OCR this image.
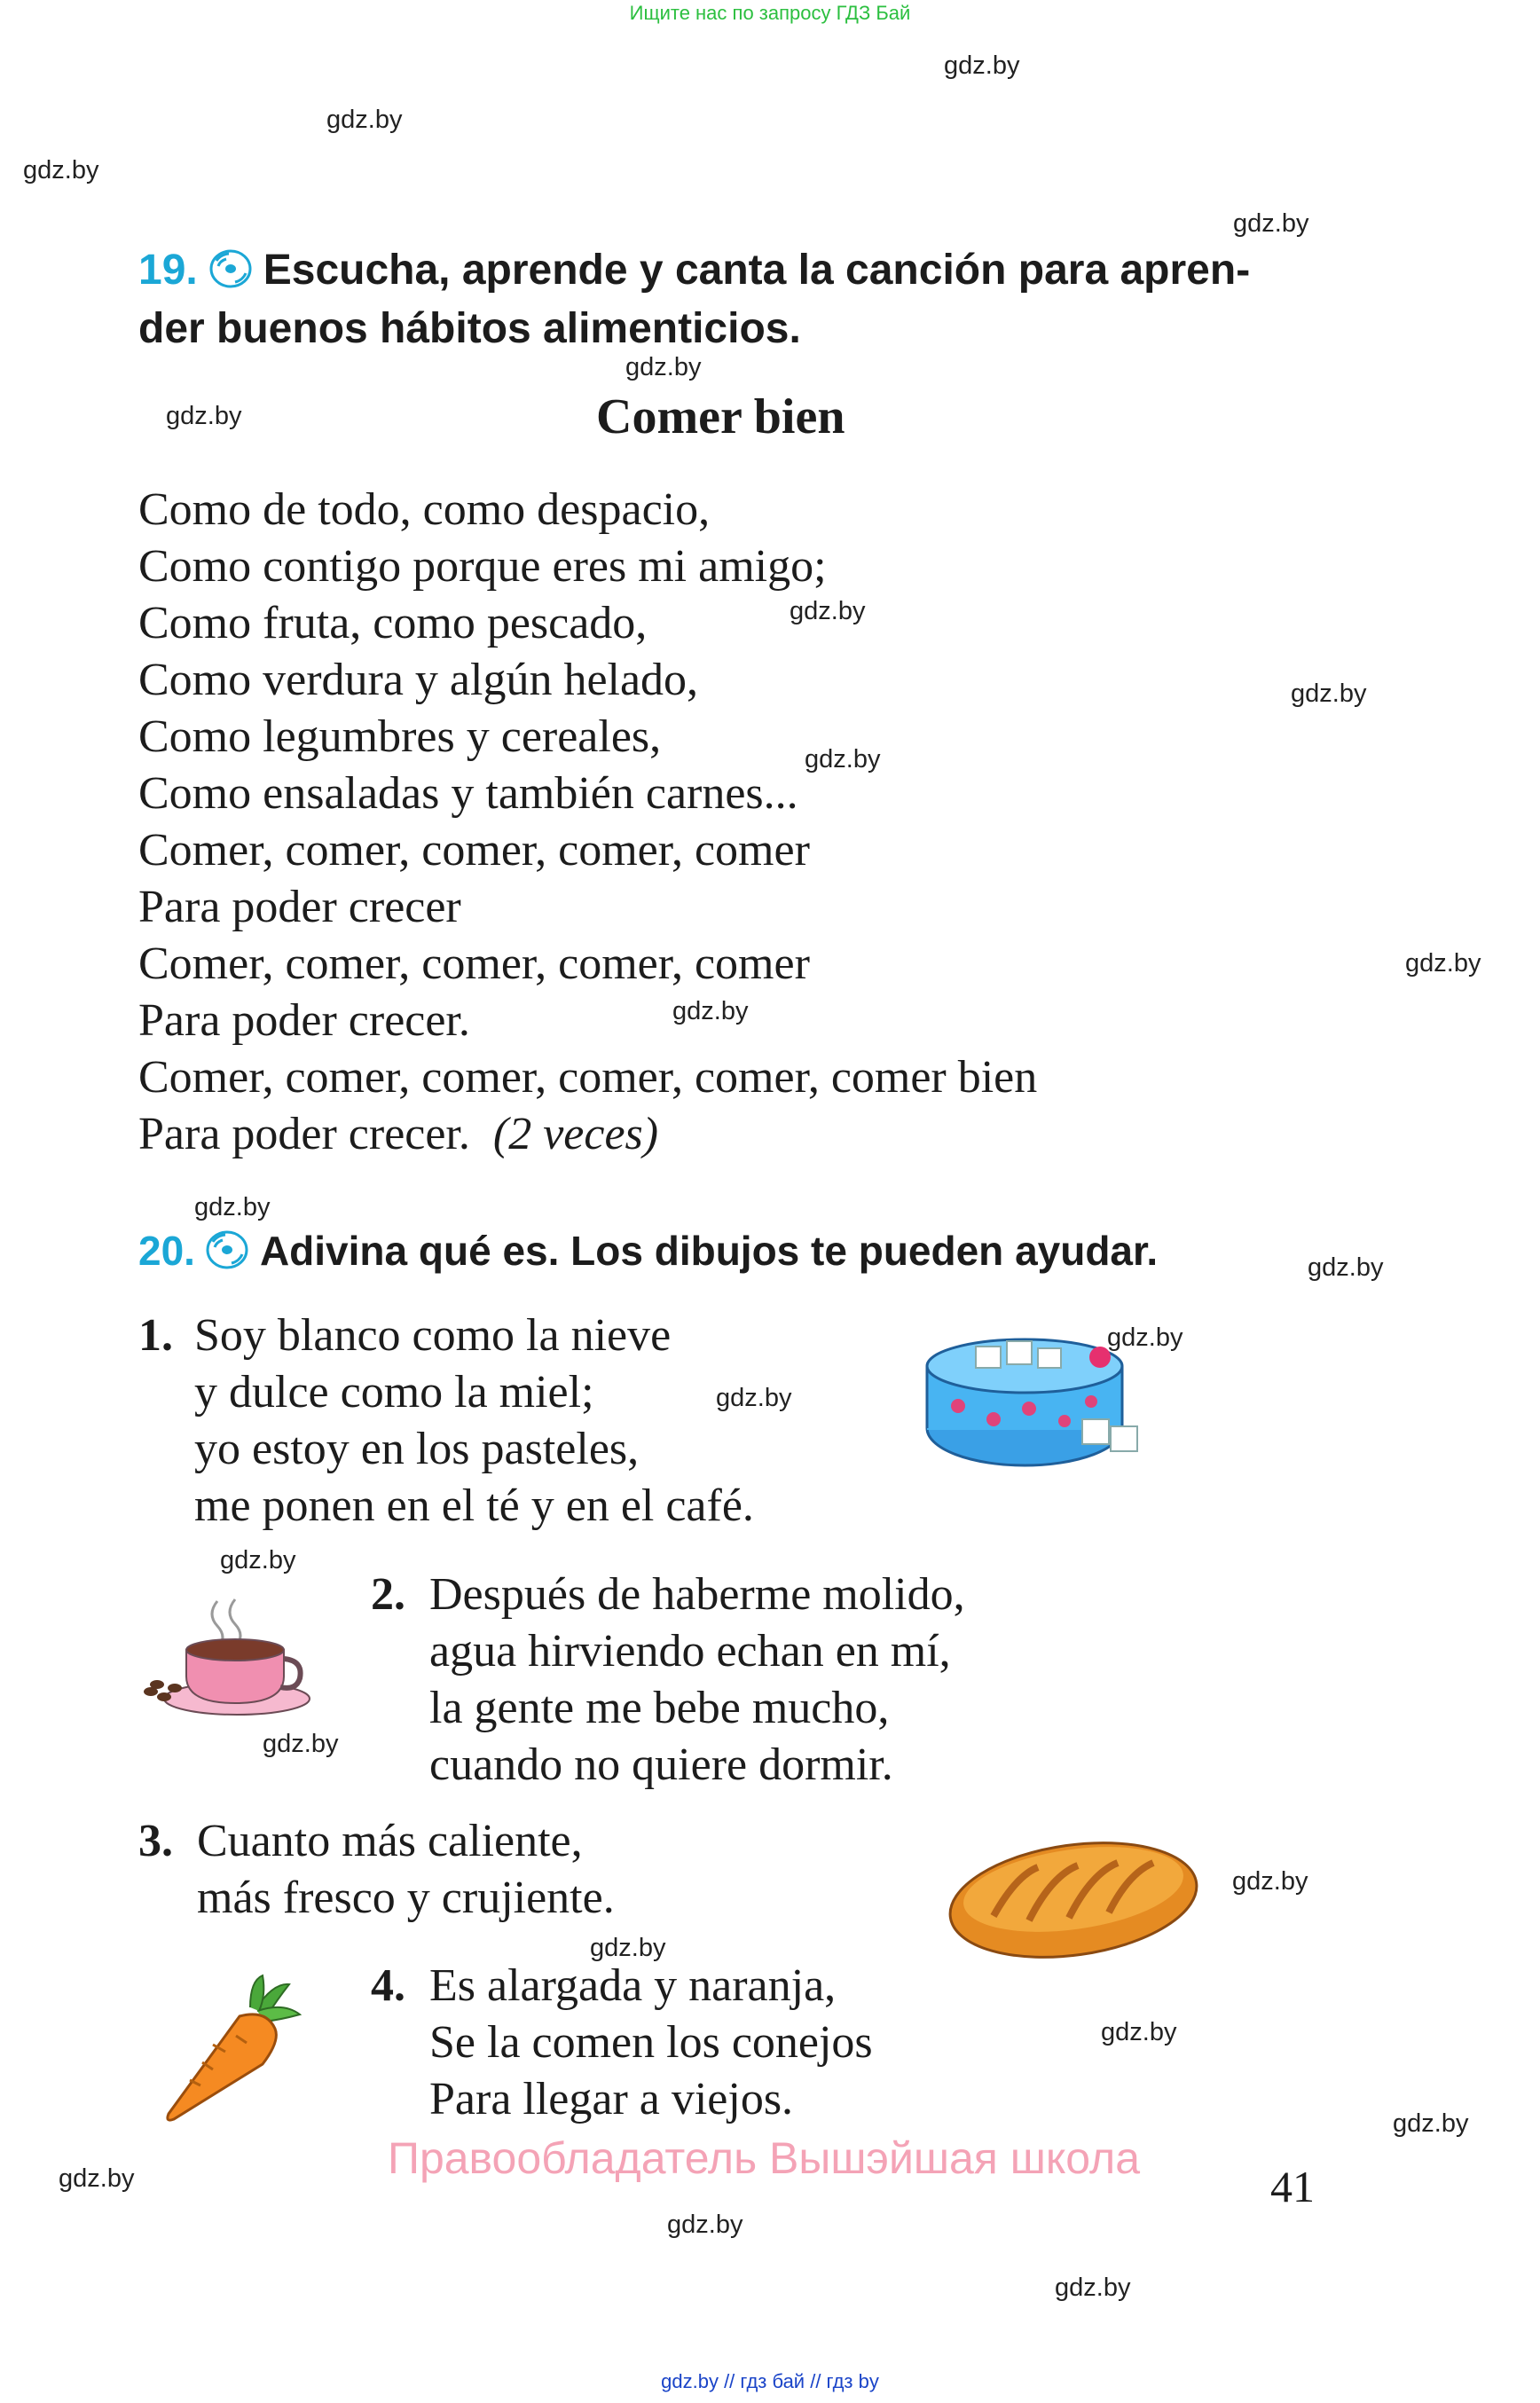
Ищите нас по запросу ГДЗ Бай
gdz.by
gdz.by
gdz.by
gdz.by
gdz.by
gdz.by
gdz.by
gdz.by
gdz.by
gdz.by
gdz.by
gdz.by
gdz.by
gdz.by
gdz.by
gdz.by
gdz.by
gdz.by
gdz.by
gdz.by
gdz.by
gdz.by
gdz.by
gdz.by
19. Escucha, aprende y canta la canción para apren-
der buenos hábitos alimenticios.
Comer bien
Como de todo, como despacio,
Como contigo porque eres mi amigo;
Como fruta, como pescado,
Como verdura y algún helado,
Como legumbres y cereales,
Como ensaladas y también carnes...
Comer, comer, comer, comer, comer
Para poder crecer
Comer, comer, comer, comer, comer
Para poder crecer.
Comer, comer, comer, comer, comer, comer bien
Para poder crecer. (2 veces)
20. Adivina qué es. Los dibujos te pueden ayudar.
1. Soy blanco como la nieve
y dulce como la miel;
yo estoy en los pasteles,
me ponen en el té y en el café.
2. Después de haberme molido,
agua hirviendo echan en mí,
la gente me bebe mucho,
cuando no quiere dormir.
3. Cuanto más caliente,
más fresco y crujiente.
4. Es alargada y naranja,
Se la comen los conejos
Para llegar a viejos.
Правообладатель Вышэйшая школа
41
gdz.by // гдз бай // гдз by
